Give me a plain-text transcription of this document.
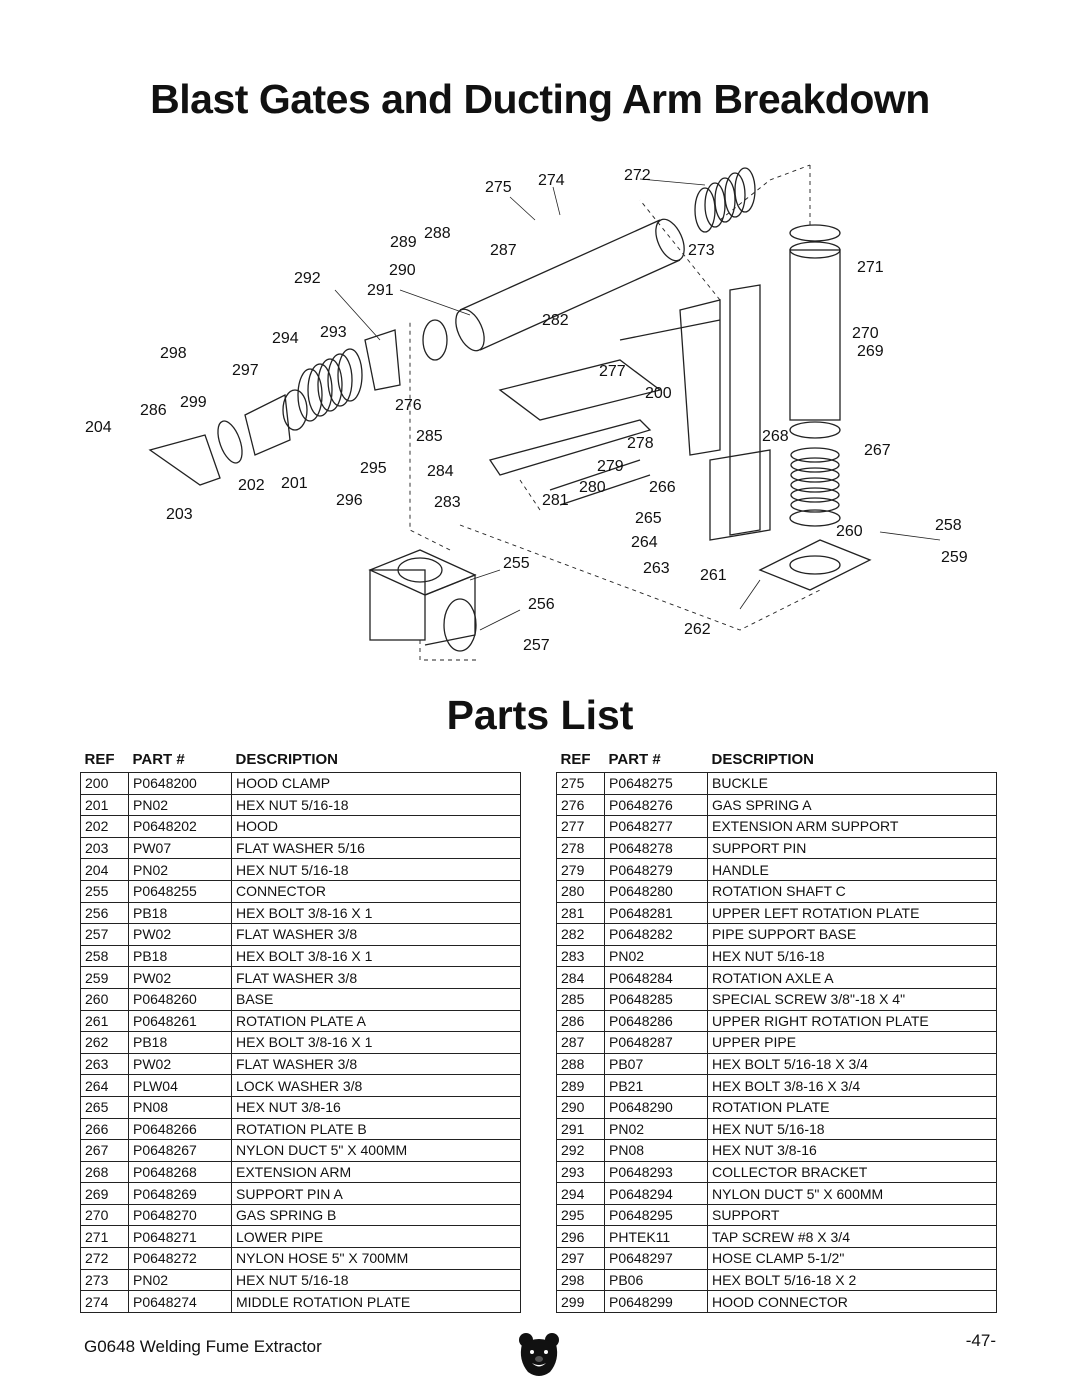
Blast Gates and Ducting Arm Breakdown
275 274	272
289
288
287	273
290
292
291
271
282
294 293	270
298	269
297	277
299
200
286	276
204
285	268
278	267
295	284	279
202 201	266
296	283	281
280
203	265
260	258
264
255	263 261
259
256
262
257
Parts List
REF	PART #	DESCRIPTION
200	P0648200	HOOD CLAMP
201	PN02	HEX NUT 5/16-18
202	P0648202	HOOD
203	PW07	FLAT WASHER 5/16
204	PN02	HEX NUT 5/16-18
255	P0648255	CONNECTOR
256	PB18	HEX BOLT 3/8-16 X 1
257	PW02	FLAT WASHER 3/8
258	PB18	HEX BOLT 3/8-16 X 1
259	PW02	FLAT WASHER 3/8
260	P0648260	BASE
261	P0648261	ROTATION PLATE A
262	PB18	HEX BOLT 3/8-16 X 1
263	PW02	FLAT WASHER 3/8
264	PLW04	LOCK WASHER 3/8
265	PN08	HEX NUT 3/8-16
266	P0648266	ROTATION PLATE B
267	P0648267	NYLON DUCT 5" X 400MM
268	P0648268	EXTENSION ARM
269	P0648269	SUPPORT PIN A
270	P0648270	GAS SPRING B
271	P0648271	LOWER PIPE
272	P0648272	NYLON HOSE 5" X 700MM
273	PN02	HEX NUT 5/16-18
274	P0648274	MIDDLE ROTATION PLATE
REF	PART #	DESCRIPTION
275	P0648275	BUCKLE
276	P0648276	GAS SPRING A
277	P0648277	EXTENSION ARM SUPPORT
278	P0648278	SUPPORT PIN
279	P0648279	HANDLE
280	P0648280	ROTATION SHAFT C
281	P0648281	UPPER LEFT ROTATION PLATE
282	P0648282	PIPE SUPPORT BASE
283	PN02	HEX NUT 5/16-18
284	P0648284	ROTATION AXLE A
285	P0648285	SPECIAL SCREW 3/8"-18 X 4"
286	P0648286	UPPER RIGHT ROTATION PLATE
287	P0648287	UPPER PIPE
288	PB07	HEX BOLT 5/16-18 X 3/4
289	PB21	HEX BOLT 3/8-16 X 3/4
290	P0648290	ROTATION PLATE
291	PN02	HEX NUT 5/16-18
292	PN08	HEX NUT 3/8-16
293	P0648293	COLLECTOR BRACKET
294	P0648294	NYLON DUCT 5" X 600MM
295	P0648295	SUPPORT
296	PHTEK11	TAP SCREW #8 X 3/4
297	P0648297	HOSE CLAMP 5-1/2"
298	PB06	HEX BOLT 5/16-18 X 2
299	P0648299	HOOD CONNECTOR
G0648 Welding Fume Extractor	-47-
